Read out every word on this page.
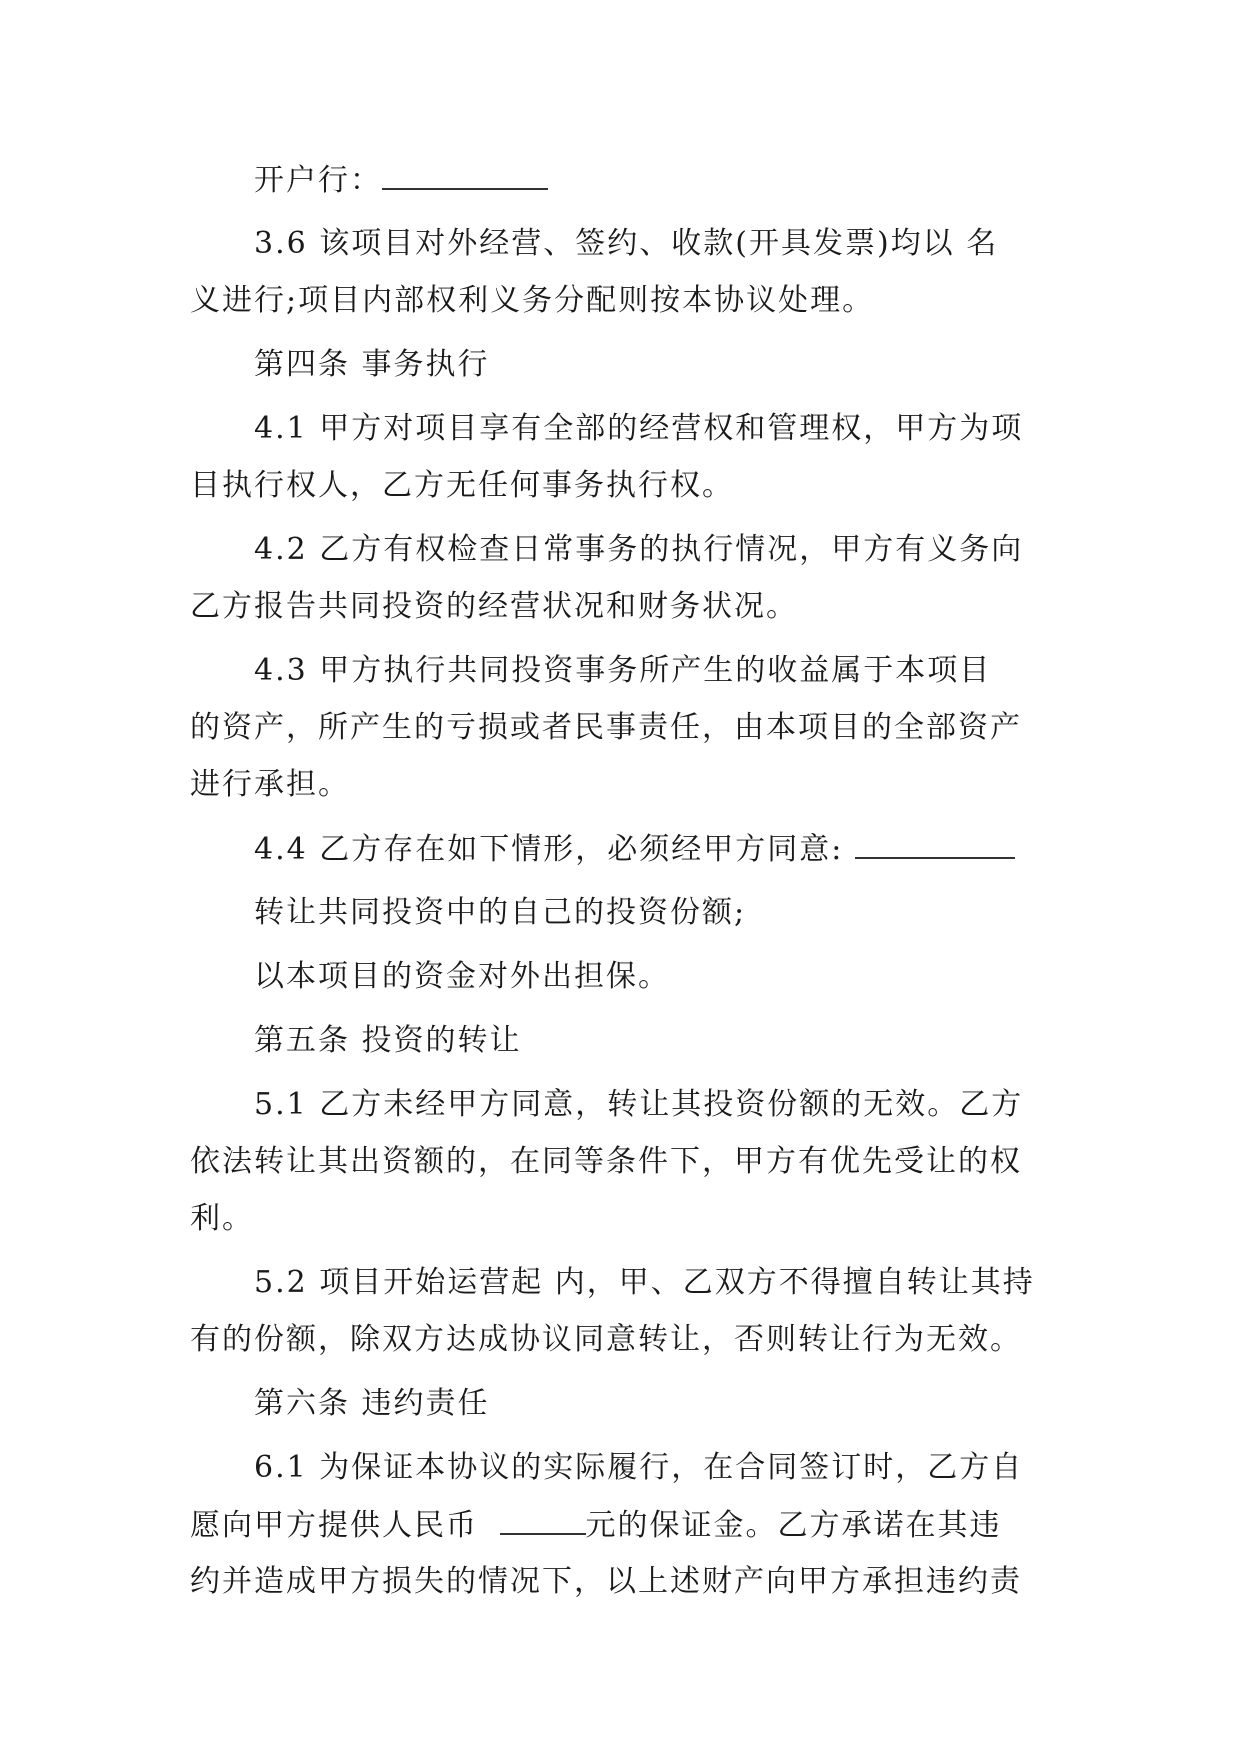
开户行：
3.6 该项目对外经营、签约、收款(开具发票)均以 名
义进行;项目内部权利义务分配则按本协议处理。
第四条 事务执行
4.1 甲方对项目享有全部的经营权和管理权，甲方为项
目执行权人，乙方无任何事务执行权。
4.2 乙方有权检查日常事务的执行情况，甲方有义务向
乙方报告共同投资的经营状况和财务状况。
4.3 甲方执行共同投资事务所产生的收益属于本项目
的资产，所产生的亏损或者民事责任，由本项目的全部资产
进行承担。
4.4 乙方存在如下情形，必须经甲方同意:
转让共同投资中的自己的投资份额;
以本项目的资金对外出担保。
第五条 投资的转让
5.1 乙方未经甲方同意，转让其投资份额的无效。乙方
依法转让其出资额的，在同等条件下，甲方有优先受让的权
利。
5.2 项目开始运营起 内，甲、乙双方不得擅自转让其持
有的份额，除双方达成协议同意转让，否则转让行为无效。
第六条 违约责任
6.1 为保证本协议的实际履行，在合同签订时，乙方自
愿向甲方提供人民币	元的保证金。乙方承诺在其违
约并造成甲方损失的情况下，以上述财产向甲方承担违约责
